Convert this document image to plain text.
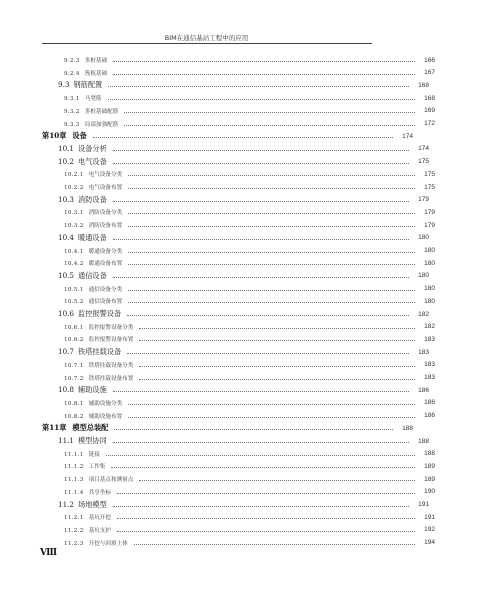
BIM在通信基站工程中的应用
9.2.3 多桩基础	166
9.2.4 筏板基础	167
9.3 钢筋配置	168
9.3.1 马凳筋	168
9.3.2 多桩基础配筋	169
9.3.3 局部加强配筋	172
第10章 设备	174
10.1 设备分析	174
10.2 电气设备	175
10.2.1 电气设备分类	175
10.2.2 电气设备布置	175
10.3 消防设备	179
10.3.1 消防设备分类	179
10.3.2 消防设备布置	179
10.4 暖通设备	180
10.4.1 暖通设备分类	180
10.4.2 暖通设备布置	180
10.5 通信设备	180
10.5.1 通信设备分类	180
10.5.2 通信设备布置	180
10.6 监控报警设备	182
10.6.1 监控报警设备分类	182
10.6.2 监控报警设备布置	183
10.7 铁塔挂载设备	183
10.7.1 铁塔挂载设备分类	183
10.7.2 铁塔挂载设备布置	183
10.8 辅助设施	186
10.8.1 辅助设施分类	186
10.8.2 辅助设施布置	186
第11章 模型总装配	188
11.1 模型协同	188
11.1.1 链接	188
11.1.2 工作集	189
11.1.3 项目基点和测量点	189
11.1.4 共享坐标	190
11.2 场地模型	191
11.2.1 基坑开挖	191
11.2.2 基坑支护	192
11.2.3 开挖与回填土体	194
Ⅷ
